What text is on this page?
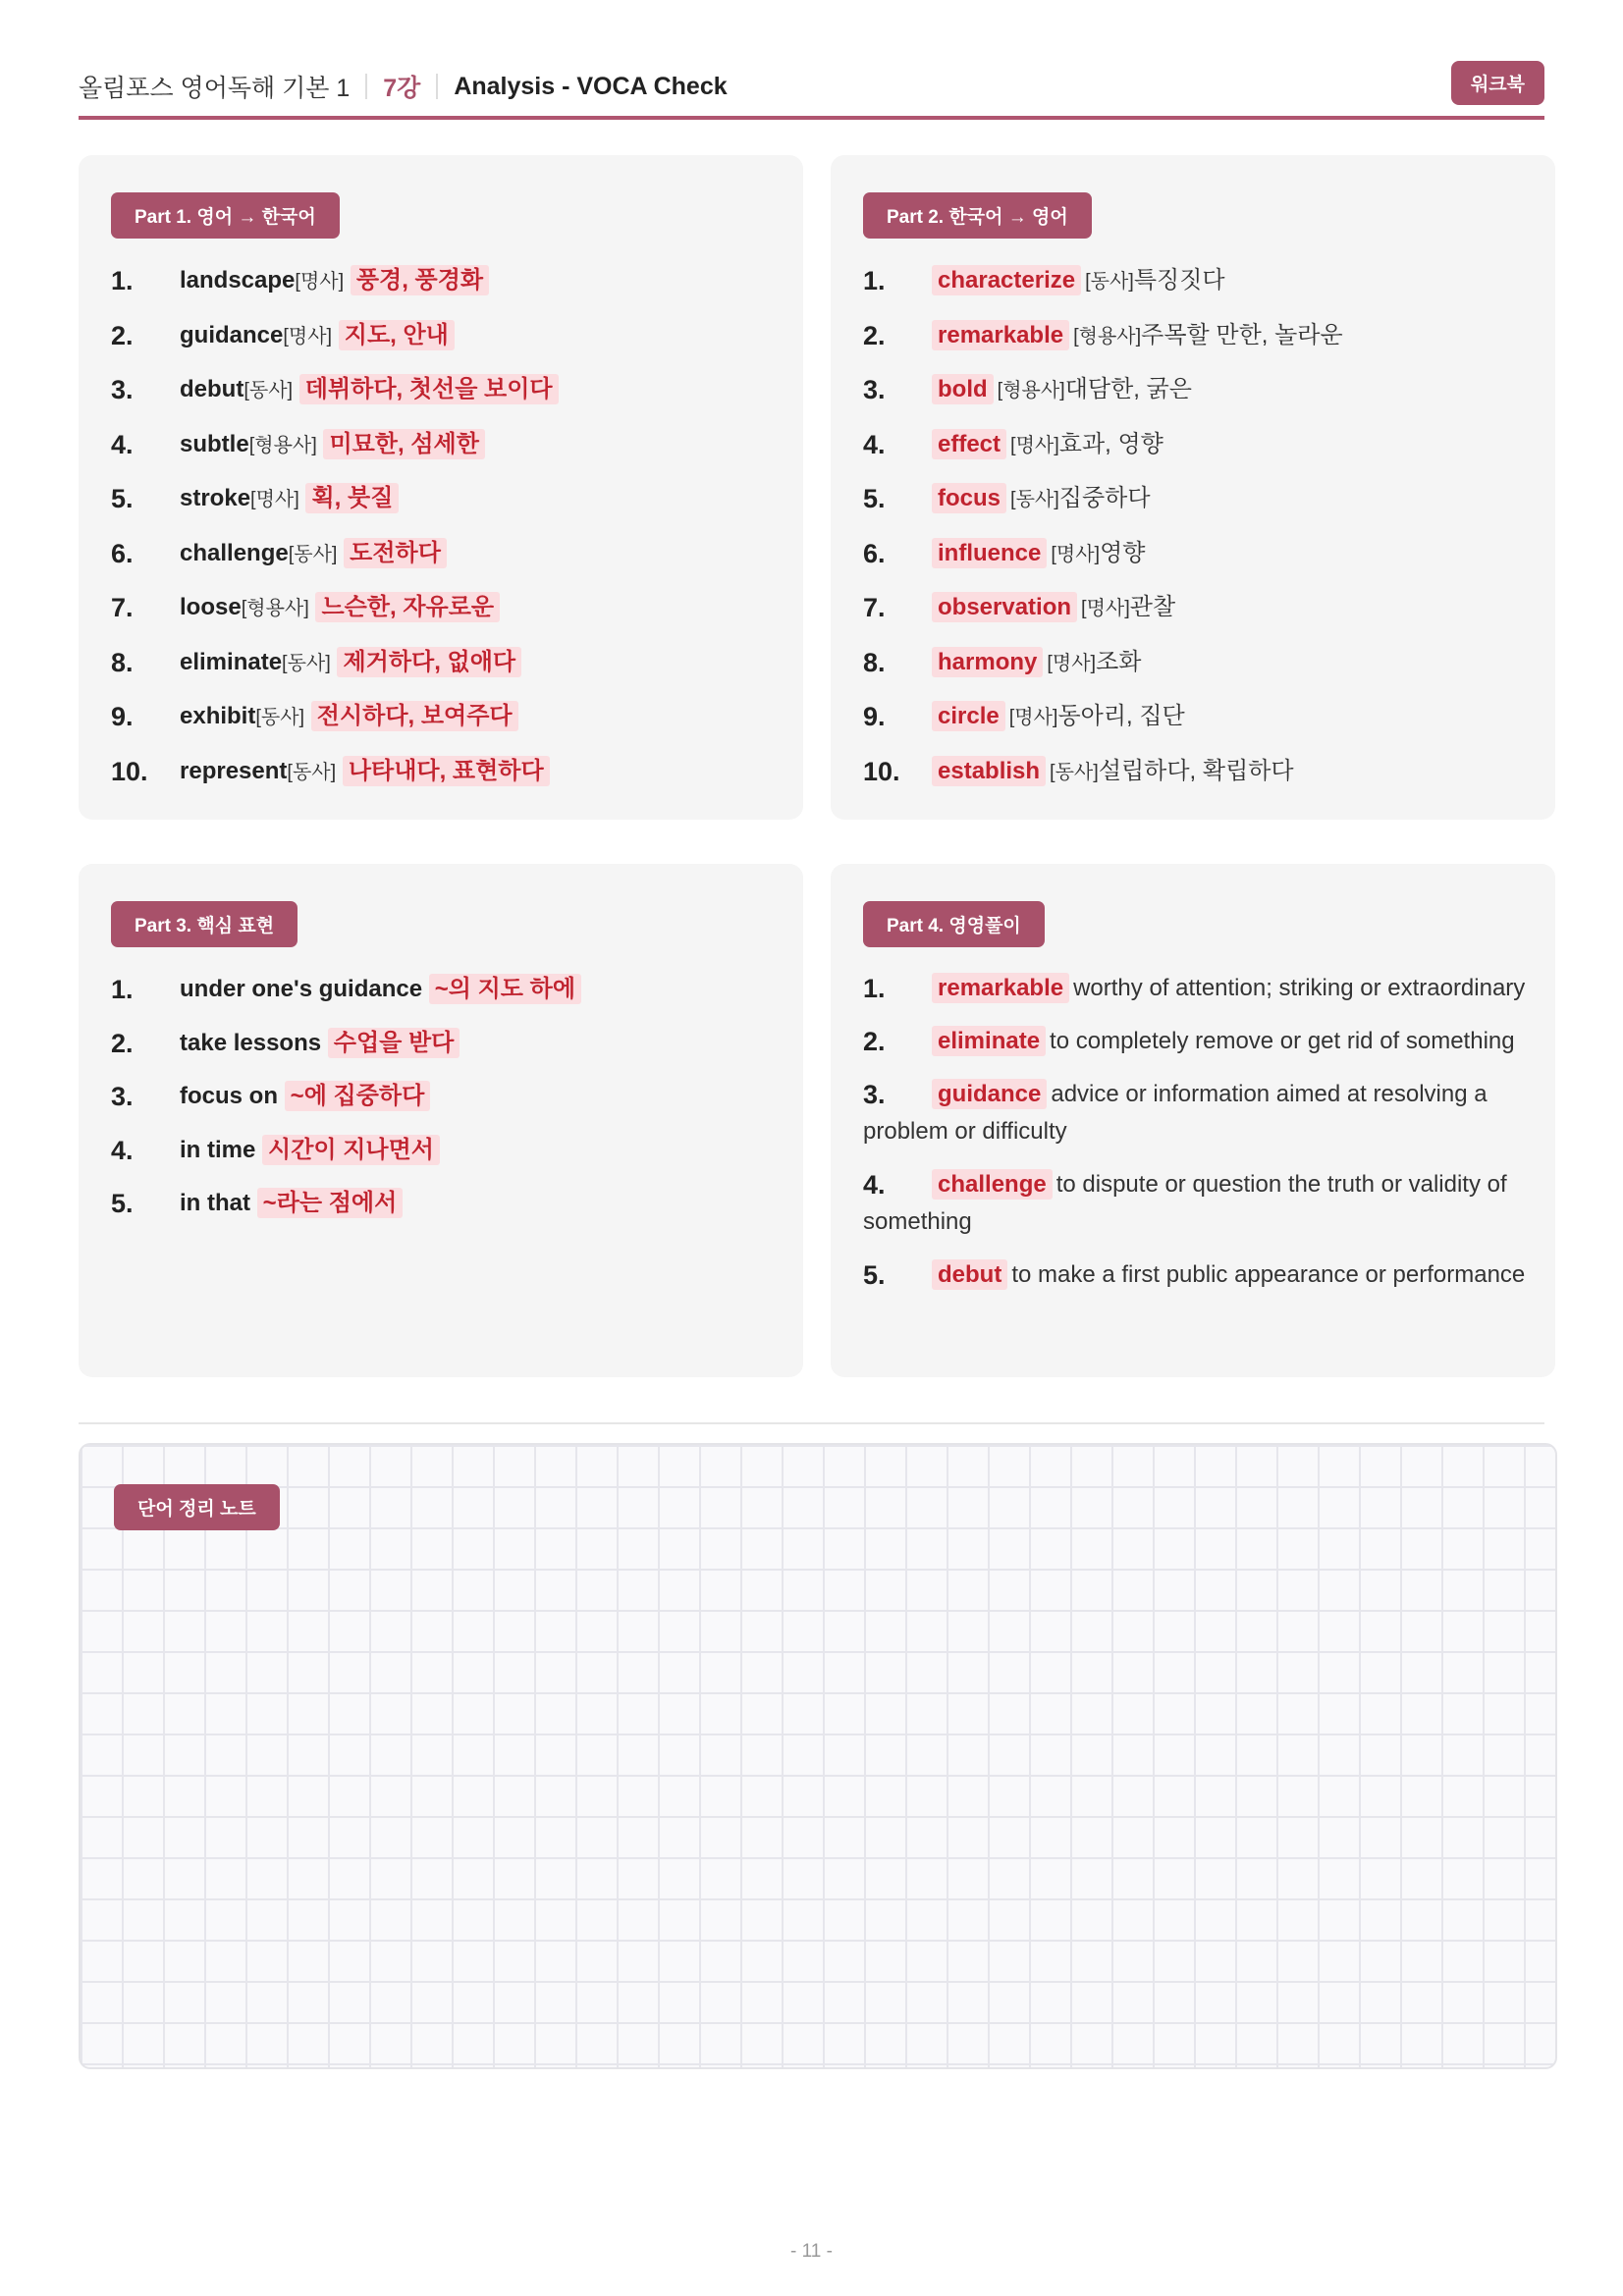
올림포스 영어독해 기본 1 7강 Analysis - VOCA Check	워크북
Part 1. 영어 → 한국어
1.	landscape[명사] 풍경, 풍경화
2.	guidance[명사] 지도, 안내
3.	debut[동사] 데뷔하다, 첫선을 보이다
4.	subtle[형용사] 미묘한, 섬세한
5.	stroke[명사] 획, 붓질
6.	challenge[동사] 도전하다
7.	loose[형용사] 느슨한, 자유로운
8.	eliminate[동사] 제거하다, 없애다
9.	exhibit[동사] 전시하다, 보여주다
10.	represent[동사] 나타내다, 표현하다
Part 2. 한국어 → 영어
1.	characterize [동사]특징짓다
2.	remarkable [형용사]주목할 만한, 놀라운
3.	bold [형용사]대담한, 굵은
4.	effect [명사]효과, 영향
5.	focus [동사]집중하다
6.	influence [명사]영향
7.	observation [명사]관찰
8.	harmony [명사]조화
9.	circle [명사]동아리, 집단
10.	establish [동사]설립하다, 확립하다
Part 3. 핵심 표현
1.	under one's guidance ~의 지도 하에
2.	take lessons 수업을 받다
3.	focus on ~에 집중하다
4.	in time 시간이 지나면서
5.	in that ~라는 점에서
Part 4. 영영풀이
1.	remarkable worthy of attention; striking or extraordinary
2.	eliminate to completely remove or get rid of something
3.	guidance advice or information aimed at resolving a problem or difficulty
4.	challenge to dispute or question the truth or validity of something
5.	debut to make a first public appearance or performance
단어 정리 노트
- 11 -
